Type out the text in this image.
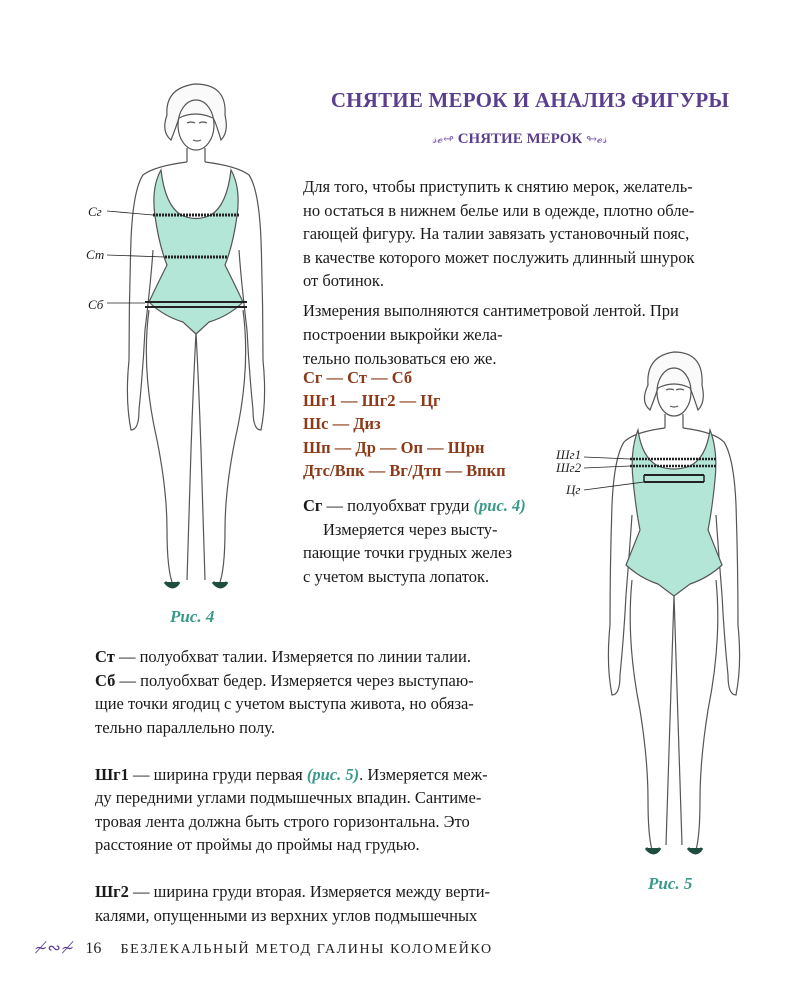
Сг
Ст
Сб
Рис. 4
Шг1
Шг2
Цг
Рис. 5
СНЯТИЕ МЕРОК И АНАЛИЗ ФИГУРЫ
𝓈𝓮↫ СНЯТИЕ МЕРОК ↬𝓮𝓈
Для того, чтобы приступить к снятию мерок, желатель-
но остаться в нижнем белье или в одежде, плотно обле-
гающей фигуру. На талии завязать установочный пояс,
в качестве которого может послужить длинный шнурок
от ботинок.
Измерения выполняются сантиметровой лентой. При
построении выкройки жела-
тельно пользоваться ею же.
Сг — Ст — Сб
Шг1 — Шг2 — Цг
Шс — Диз
Шп — Др — Оп — Шрн
Дтс/Впк — Вг/Дтп — Впкп
Сг — полуобхват груди (рис. 4)
Измеряется через высту-
пающие точки грудных желез
с учетом выступа лопаток.
Ст — полуобхват талии. Измеряется по линии талии.
Сб — полуобхват бедер. Измеряется через выступаю-
щие точки ягодиц с учетом выступа живота, но обяза-
тельно параллельно полу.
Шг1 — ширина груди первая (рис. 5). Измеряется меж-
ду передними углами подмышечных впадин. Сантиме-
тровая лента должна быть строго горизонтальна. Это
расстояние от проймы до проймы над грудью.
Шг2 — ширина груди вторая. Измеряется между верти-
калями, опущенными из верхних углов подмышечных
≁∾≁ 16 БЕЗЛЕКАЛЬНЫЙ МЕТОД ГАЛИНЫ КОЛОМЕЙКО
